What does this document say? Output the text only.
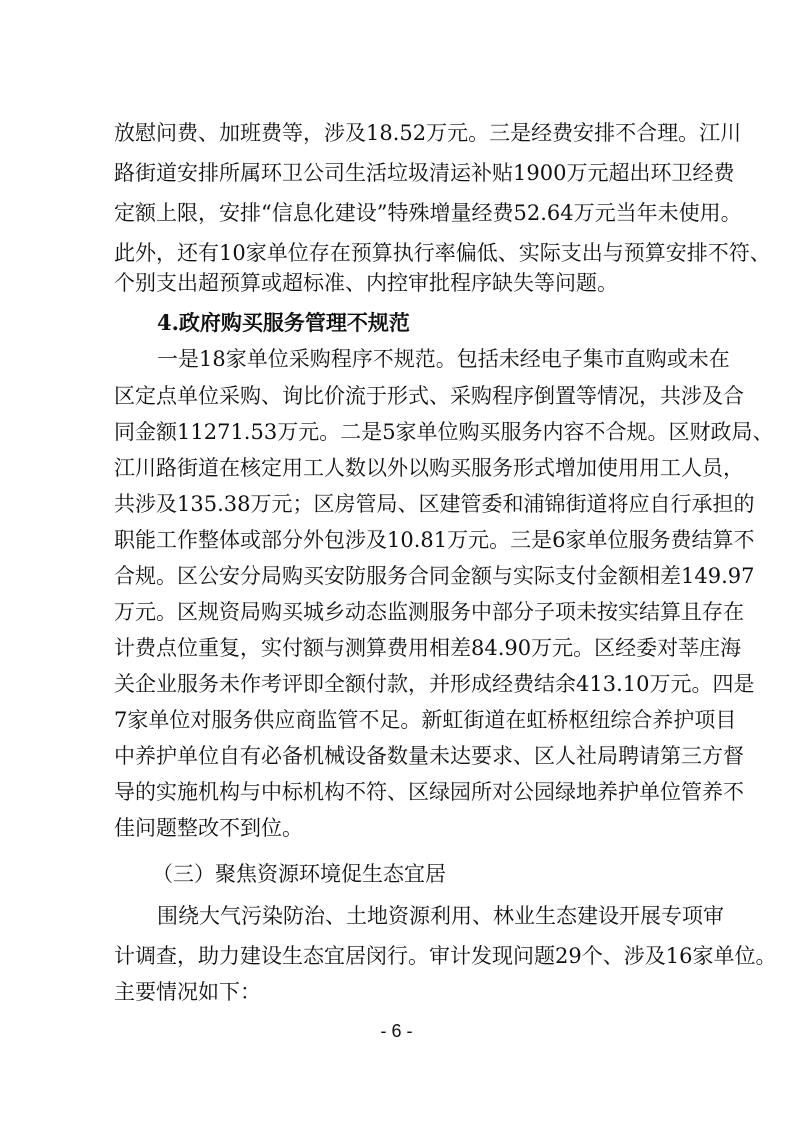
放慰问费、加班费等，涉及18.52万元。三是经费安排不合理。江川
路街道安排所属环卫公司生活垃圾清运补贴1900万元超出环卫经费
定额上限，安排“信息化建设”特殊增量经费52.64万元当年未使用。
此外，还有10家单位存在预算执行率偏低、实际支出与预算安排不符、
个别支出超预算或超标准、内控审批程序缺失等问题。
4.政府购买服务管理不规范
一是18家单位采购程序不规范。包括未经电子集市直购或未在
区定点单位采购、询比价流于形式、采购程序倒置等情况，共涉及合
同金额11271.53万元。二是5家单位购买服务内容不合规。区财政局、
江川路街道在核定用工人数以外以购买服务形式增加使用用工人员，
共涉及135.38万元；区房管局、区建管委和浦锦街道将应自行承担的
职能工作整体或部分外包涉及10.81万元。三是6家单位服务费结算不
合规。区公安分局购买安防服务合同金额与实际支付金额相差149.97
万元。区规资局购买城乡动态监测服务中部分子项未按实结算且存在
计费点位重复，实付额与测算费用相差84.90万元。区经委对莘庄海
关企业服务未作考评即全额付款，并形成经费结余413.10万元。四是
7家单位对服务供应商监管不足。新虹街道在虹桥枢纽综合养护项目
中养护单位自有必备机械设备数量未达要求、区人社局聘请第三方督
导的实施机构与中标机构不符、区绿园所对公园绿地养护单位管养不
佳问题整改不到位。
（三）聚焦资源环境促生态宜居
围绕大气污染防治、土地资源利用、林业生态建设开展专项审
计调查，助力建设生态宜居闵行。审计发现问题29个、涉及16家单位。
主要情况如下：
- 6 -
